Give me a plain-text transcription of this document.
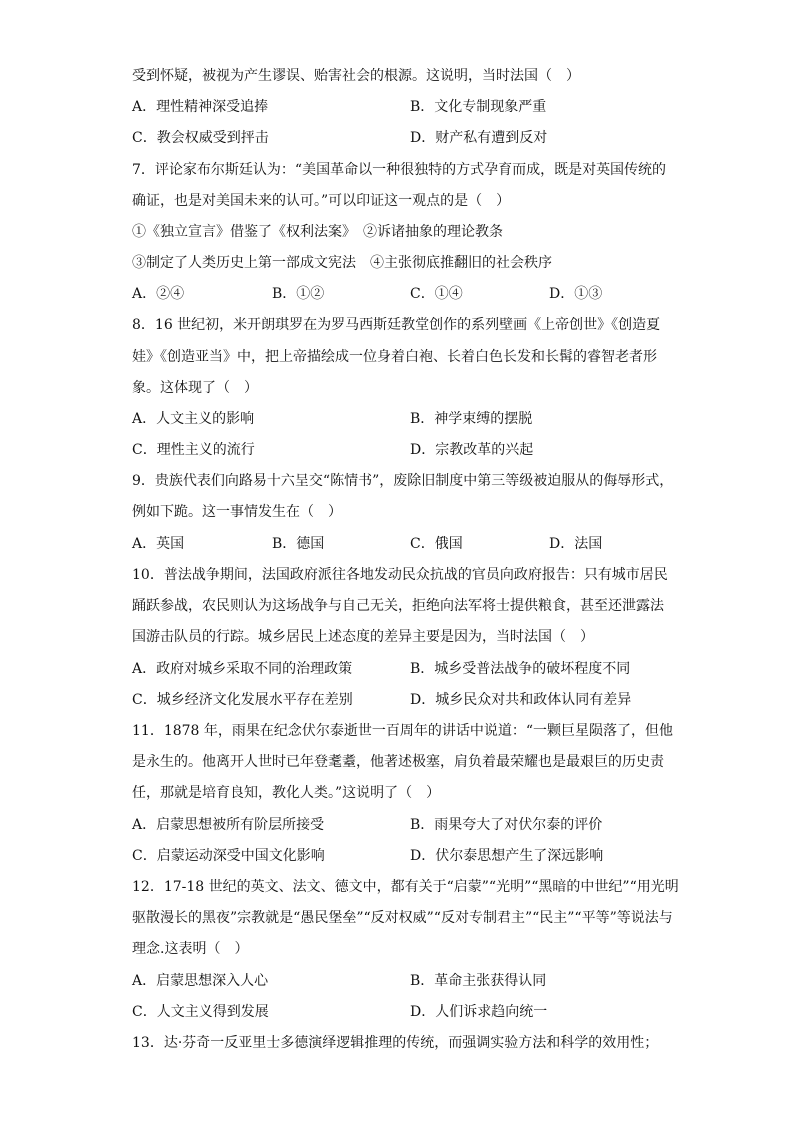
受到怀疑，被视为产生谬误、贻害社会的根源。这说明，当时法国（　）
A．理性精神深受追捧	B．文化专制现象严重
C．教会权威受到抨击	D．财产私有遭到反对
7．评论家布尔斯廷认为：“美国革命以一种很独特的方式孕育而成，既是对英国传统的
确证，也是对美国未来的认可。”可以印证这一观点的是（　）
①《独立宣言》借鉴了《权利法案》　②诉诸抽象的理论教条
③制定了人类历史上第一部成文宪法　④主张彻底推翻旧的社会秩序
A．②④	B．①②	C．①④	D．①③
8．16 世纪初，米开朗琪罗在为罗马西斯廷教堂创作的系列壁画《上帝创世》《创造夏
娃》《创造亚当》中，把上帝描绘成一位身着白袍、长着白色长发和长髯的睿智老者形
象。这体现了（　）
A．人文主义的影响	B．神学束缚的摆脱
C．理性主义的流行	D．宗教改革的兴起
9．贵族代表们向路易十六呈交“陈情书”，废除旧制度中第三等级被迫服从的侮辱形式，
例如下跪。这一事情发生在（　）
A．英国	B．德国	C．俄国	D．法国
10．普法战争期间，法国政府派往各地发动民众抗战的官员向政府报告：只有城市居民
踊跃参战，农民则认为这场战争与自己无关，拒绝向法军将士提供粮食，甚至还泄露法
国游击队员的行踪。城乡居民上述态度的差异主要是因为，当时法国（　）
A．政府对城乡采取不同的治理政策	B．城乡受普法战争的破坏程度不同
C．城乡经济文化发展水平存在差别	D．城乡民众对共和政体认同有差异
11．1878 年，雨果在纪念伏尔泰逝世一百周年的讲话中说道：“一颗巨星陨落了，但他
是永生的。他离开人世时已年登耄耋，他著述极塞，肩负着最荣耀也是最艰巨的历史责
任，那就是培育良知，教化人类。”这说明了（　）
A．启蒙思想被所有阶层所接受	B．雨果夸大了对伏尔泰的评价
C．启蒙运动深受中国文化影响	D．伏尔泰思想产生了深远影响
12．17-18 世纪的英文、法文、德文中，都有关于“启蒙”“光明”“黑暗的中世纪”“用光明
驱散漫长的黑夜”宗教就是“愚民堡垒”“反对权威”“反对专制君主”“民主”“平等”等说法与
理念.这表明（　）
A．启蒙思想深入人心	B．革命主张获得认同
C．人文主义得到发展	D．人们诉求趋向统一
13．达·芬奇一反亚里士多德演绎逻辑推理的传统，而强调实验方法和科学的效用性；
